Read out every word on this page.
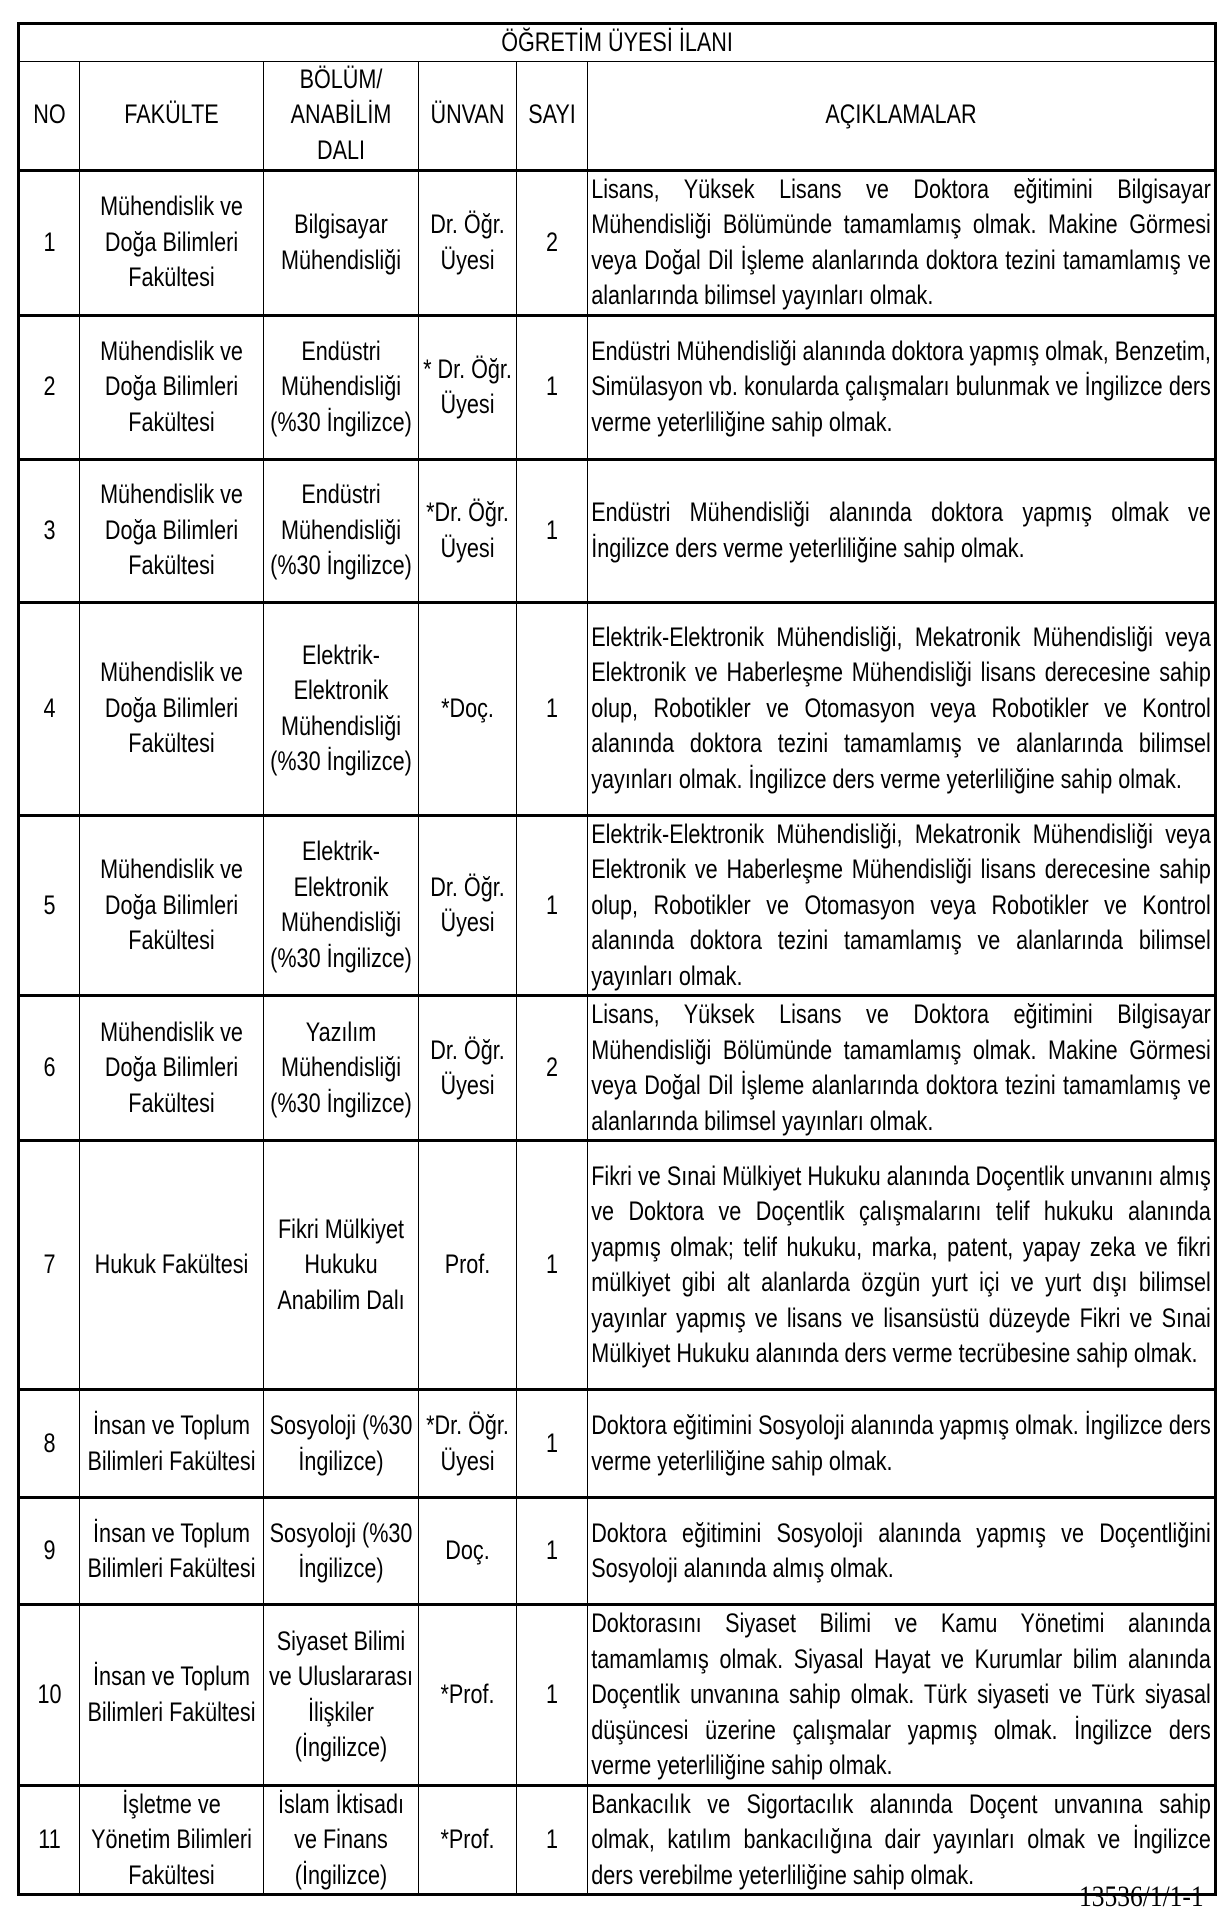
ÖĞRETİM ÜYESİ İLANI					

NO	FAKÜLTE	BÖLÜM/ ANABİLİM DALI	ÜNVAN	SAYI	AÇIKLAMALAR

1	Mühendislik ve Doğa Bilimleri Fakültesi	Bilgisayar Mühendisliği	Dr. Öğr. Üyesi	2	Lisans, Yüksek Lisans ve Doktora eğitimini Bilgisayar Mühendisliği Bölümünde tamamlamış olmak. Makine Görmesi veya Doğal Dil İşleme alanlarında doktora tezini tamamlamış ve alanlarında bilimsel yayınları olmak.

2	Mühendislik ve Doğa Bilimleri Fakültesi	Endüstri Mühendisliği (%30 İngilizce)	* Dr. Öğr. Üyesi	1	Endüstri Mühendisliği alanında doktora yapmış olmak, Benzetim, Simülasyon vb. konularda çalışmaları bulunmak ve İngilizce ders verme yeterliliğine sahip olmak.

3	Mühendislik ve Doğa Bilimleri Fakültesi	Endüstri Mühendisliği (%30 İngilizce)	*Dr. Öğr. Üyesi	1	Endüstri Mühendisliği alanında doktora yapmış olmak ve İngilizce ders verme yeterliliğine sahip olmak.

4	Mühendislik ve Doğa Bilimleri Fakültesi	Elektrik- Elektronik Mühendisliği (%30 İngilizce)	*Doç.	1	Elektrik-Elektronik Mühendisliği, Mekatronik Mühendisliği veya Elektronik ve Haberleşme Mühendisliği lisans derecesine sahip olup, Robotikler ve Otomasyon veya Robotikler ve Kontrol alanında doktora tezini tamamlamış ve alanlarında bilimsel yayınları olmak. İngilizce ders verme yeterliliğine sahip olmak.

5	Mühendislik ve Doğa Bilimleri Fakültesi	Elektrik- Elektronik Mühendisliği (%30 İngilizce)	Dr. Öğr. Üyesi	1	Elektrik-Elektronik Mühendisliği, Mekatronik Mühendisliği veya Elektronik ve Haberleşme Mühendisliği lisans derecesine sahip olup, Robotikler ve Otomasyon veya Robotikler ve Kontrol alanında doktora tezini tamamlamış ve alanlarında bilimsel yayınları olmak.

6	Mühendislik ve Doğa Bilimleri Fakültesi	Yazılım Mühendisliği (%30 İngilizce)	Dr. Öğr. Üyesi	2	Lisans, Yüksek Lisans ve Doktora eğitimini Bilgisayar Mühendisliği Bölümünde tamamlamış olmak. Makine Görmesi veya Doğal Dil İşleme alanlarında doktora tezini tamamlamış ve alanlarında bilimsel yayınları olmak.

7	Hukuk Fakültesi	Fikri Mülkiyet Hukuku Anabilim Dalı	Prof.	1	Fikri ve Sınai Mülkiyet Hukuku alanında Doçentlik unvanını almış ve Doktora ve Doçentlik çalışmalarını telif hukuku alanında yapmış olmak; telif hukuku, marka, patent, yapay zeka ve fikri mülkiyet gibi alt alanlarda özgün yurt içi ve yurt dışı bilimsel yayınlar yapmış ve lisans ve lisansüstü düzeyde Fikri ve Sınai Mülkiyet Hukuku alanında ders verme tecrübesine sahip olmak.

8	İnsan ve Toplum Bilimleri Fakültesi	Sosyoloji (%30 İngilizce)	*Dr. Öğr. Üyesi	1	Doktora eğitimini Sosyoloji alanında yapmış olmak. İngilizce ders verme yeterliliğine sahip olmak.

9	İnsan ve Toplum Bilimleri Fakültesi	Sosyoloji (%30 İngilizce)	Doç.	1	Doktora eğitimini Sosyoloji alanında yapmış ve Doçentliğini Sosyoloji alanında almış olmak.

10	İnsan ve Toplum Bilimleri Fakültesi	Siyaset Bilimi ve Uluslararası İlişkiler (İngilizce)	*Prof.	1	Doktorasını Siyaset Bilimi ve Kamu Yönetimi alanında tamamlamış olmak. Siyasal Hayat ve Kurumlar bilim alanında Doçentlik unvanına sahip olmak. Türk siyaseti ve Türk siyasal düşüncesi üzerine çalışmalar yapmış olmak. İngilizce ders verme yeterliliğine sahip olmak.

11	İşletme ve Yönetim Bilimleri Fakültesi	İslam İktisadı ve Finans (İngilizce)	*Prof.	1	Bankacılık ve Sigortacılık alanında Doçent unvanına sahip olmak, katılım bankacılığına dair yayınları olmak ve İngilizce ders verebilme yeterliliğine sahip olmak.
13536/1/1-1
